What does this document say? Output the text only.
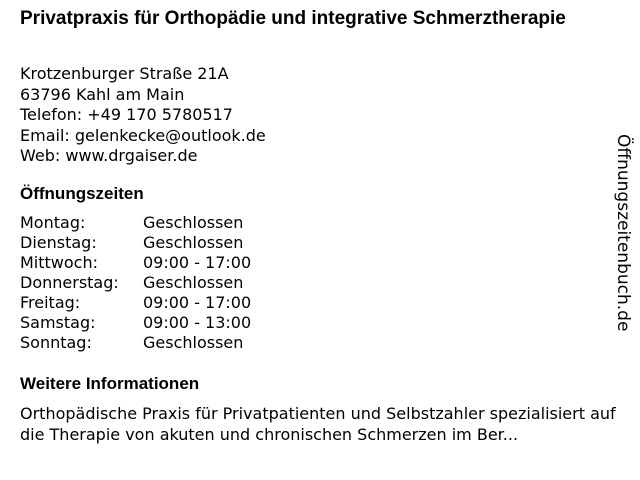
Privatpraxis für Orthopädie und integrative Schmerztherapie
Krotzenburger Straße 21A
63796 Kahl am Main
Telefon: +49 170 5780517
Email: gelenkecke@outlook.de
Web: www.drgaiser.de
Öffnungszeiten
Montag:	Geschlossen
Dienstag:	Geschlossen
Mittwoch:	09:00 - 17:00
Donnerstag: Geschlossen
Freitag:	09:00 - 17:00
Samstag:	09:00 - 13:00
Sonntag:	Geschlossen
Weitere Informationen

Orthopädische Praxis für Privatpatienten und Selbstzahler spezialisiert auf die Therapie von akuten und chronischen Schmerzen im Ber...

Öffnungszeitenbuch.de
